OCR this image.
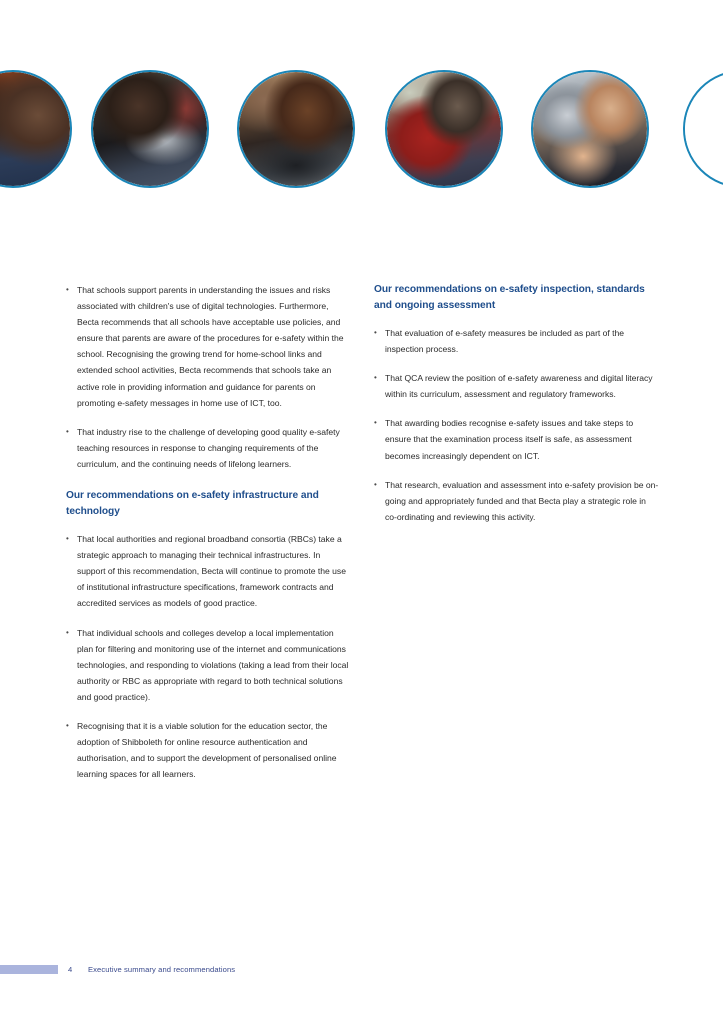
• That schools support parents in understanding the issues and risks associated with children's use of digital technologies. Furthermore, Becta recommends that all schools have acceptable use policies, and ensure that parents are aware of the procedures for e-safety within the school. Recognising the growing trend for home-school links and extended school activities, Becta recommends that schools take an active role in providing information and guidance for parents on promoting e-safety messages in home use of ICT, too.
• That industry rise to the challenge of developing good quality e-safety teaching resources in response to changing requirements of the curriculum, and the continuing needs of lifelong learners.
Our recommendations on e-safety infrastructure and technology
• That local authorities and regional broadband consortia (RBCs) take a strategic approach to managing their technical infrastructures. In support of this recommendation, Becta will continue to promote the use of institutional infrastructure specifications, framework contracts and accredited services as models of good practice.
• That individual schools and colleges develop a local implementation plan for filtering and monitoring use of the internet and communications technologies, and responding to violations (taking a lead from their local authority or RBC as appropriate with regard to both technical solutions and good practice).
• Recognising that it is a viable solution for the education sector, the adoption of Shibboleth for online resource authentication and authorisation, and to support the development of personalised online learning spaces for all learners.
Our recommendations on e-safety inspection, standards and ongoing assessment
• That evaluation of e-safety measures be included as part of the inspection process.
• That QCA review the position of e-safety awareness and digital literacy within its curriculum, assessment and regulatory frameworks.
• That awarding bodies recognise e-safety issues and take steps to ensure that the examination process itself is safe, as assessment becomes increasingly dependent on ICT.
• That research, evaluation and assessment into e-safety provision be on-going and appropriately funded and that Becta play a strategic role in co-ordinating and reviewing this activity.
4	Executive summary and recommendations
